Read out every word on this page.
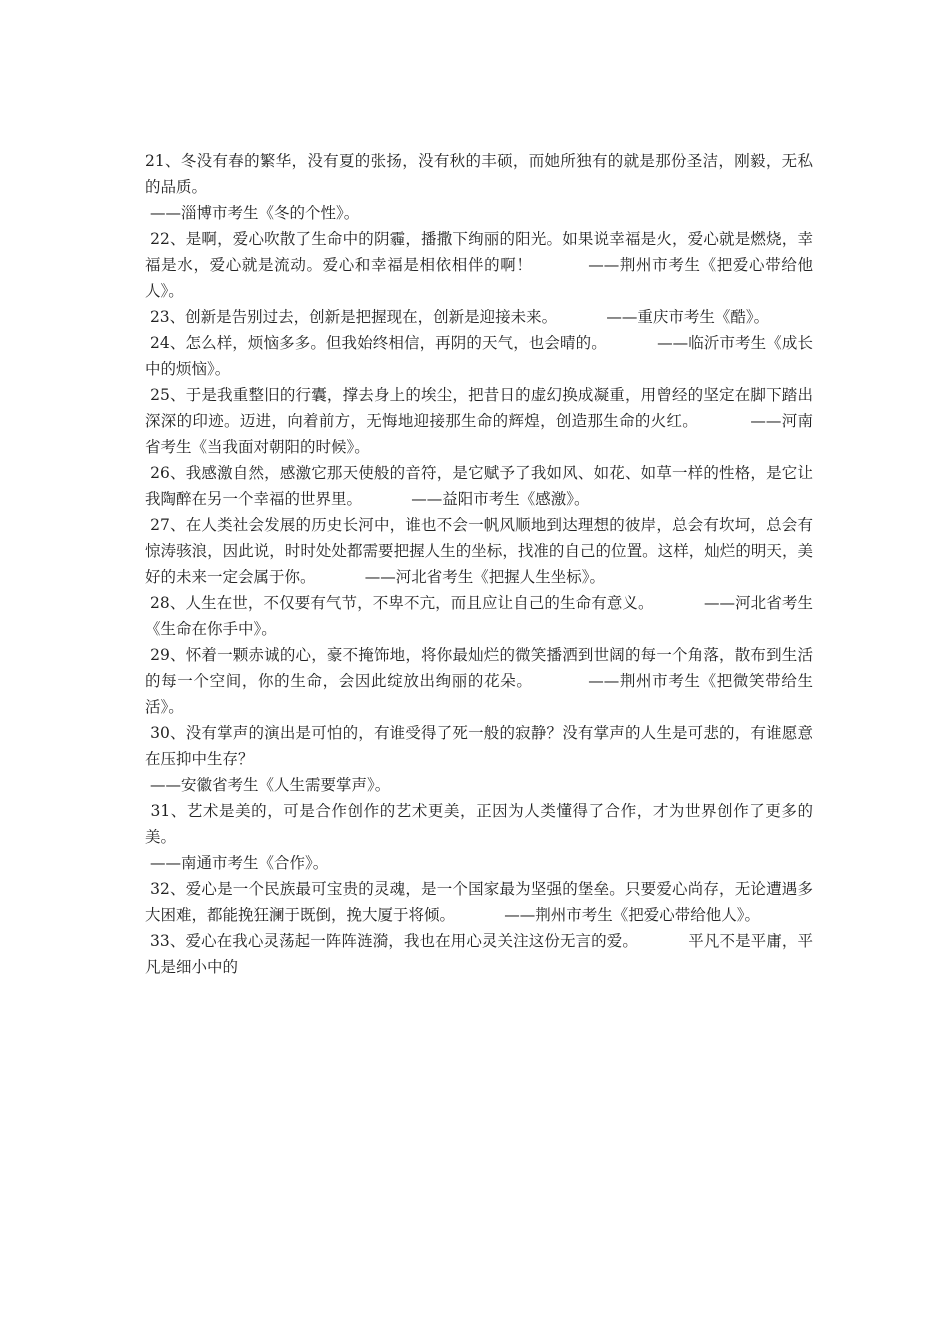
21、冬没有春的繁华，没有夏的张扬，没有秋的丰硕，而她所独有的就是那份圣洁，刚毅，无私的品质。

——淄博市考生《冬的个性》。

22、是啊，爱心吹散了生命中的阴霾，播撒下绚丽的阳光。如果说幸福是火，爱心就是燃烧，幸福是水，爱心就是流动。爱心和幸福是相依相伴的啊！          ——荆州市考生《把爱心带给他人》。

23、创新是告别过去，创新是把握现在，创新是迎接未来。          ——重庆市考生《酷》。

24、怎么样，烦恼多多。但我始终相信，再阴的天气，也会晴的。          ——临沂市考生《成长中的烦恼》。

25、于是我重整旧的行囊，撑去身上的埃尘，把昔日的虚幻换成凝重，用曾经的坚定在脚下踏出深深的印迹。迈进，向着前方，无悔地迎接那生命的辉煌，创造那生命的火红。          ——河南省考生《当我面对朝阳的时候》。

26、我感激自然，感激它那天使般的音符，是它赋予了我如风、如花、如草一样的性格，是它让我陶醉在另一个幸福的世界里。          ——益阳市考生《感激》。

27、在人类社会发展的历史长河中，谁也不会一帆风顺地到达理想的彼岸，总会有坎坷，总会有惊涛骇浪，因此说，时时处处都需要把握人生的坐标，找准的自己的位置。这样，灿烂的明天，美好的未来一定会属于你。          ——河北省考生《把握人生坐标》。

28、人生在世，不仅要有气节，不卑不亢，而且应让自己的生命有意义。          ——河北省考生《生命在你手中》。

29、怀着一颗赤诚的心，豪不掩饰地，将你最灿烂的微笑播洒到世阔的每一个角落，散布到生活的每一个空间，你的生命，会因此绽放出绚丽的花朵。          ——荆州市考生《把微笑带给生活》。

30、没有掌声的演出是可怕的，有谁受得了死一般的寂静？没有掌声的人生是可悲的，有谁愿意在压抑中生存？

——安徽省考生《人生需要掌声》。

31、艺术是美的，可是合作创作的艺术更美，正因为人类懂得了合作，才为世界创作了更多的美。

——南通市考生《合作》。

32、爱心是一个民族最可宝贵的灵魂，是一个国家最为坚强的堡垒。只要爱心尚存，无论遭遇多大困难，都能挽狂澜于既倒，挽大厦于将倾。          ——荆州市考生《把爱心带给他人》。

33、爱心在我心灵荡起一阵阵涟漪，我也在用心灵关注这份无言的爱。          平凡不是平庸，平凡是细小中的
